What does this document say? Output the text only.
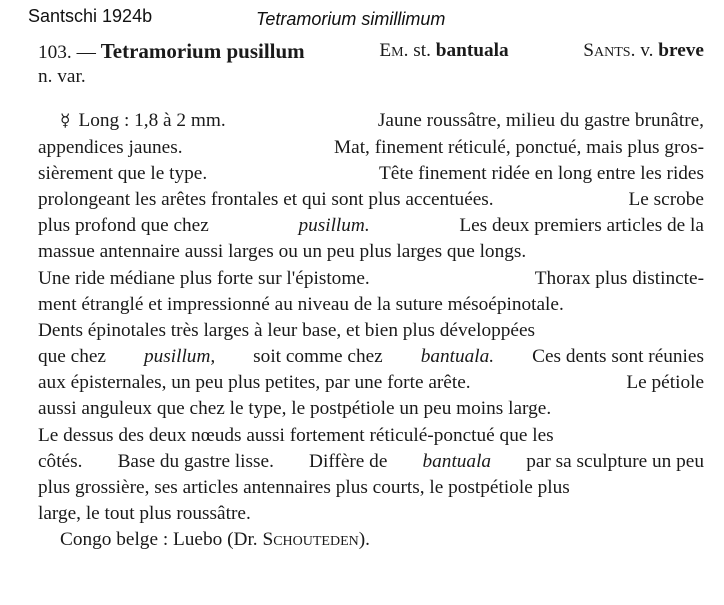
Santschi 1924b	Tetramorium simillimum
103. — Tetramorium pusillum	Em. st. bantuala	Sants. v. breve
n. var.
☿ Long : 1,8 à 2 mm.	Jaune roussâtre, milieu du gastre brunâtre,
appendices jaunes.	Mat, finement réticulé, ponctué, mais plus gros-
sièrement que le type.	Tête finement ridée en long entre les rides
prolongeant les arêtes frontales et qui sont plus accentuées.	Le scrobe
plus profond que chez	pusillum.	Les deux premiers articles de la
massue antennaire aussi larges ou un peu plus larges que longs.
Une ride médiane plus forte sur l'épistome.	Thorax plus distincte-
ment étranglé et impressionné au niveau de la suture mésoépinotale.
Dents épinotales très larges à leur base, et bien plus développées
que chez pusillum, soit comme chez bantuala. Ces dents sont réunies
aux épisternales, un peu plus petites, par une forte arête.	Le pétiole
aussi anguleux que chez le type, le postpétiole un peu moins large.
Le dessus des deux nœuds aussi fortement réticulé-ponctué que les
côtés. Base du gastre lisse. Diffère de bantuala par sa sculpture un peu
plus grossière, ses articles antennaires plus courts, le postpétiole plus
large, le tout plus roussâtre.
Congo belge : Luebo (Dr. Schouteden).
